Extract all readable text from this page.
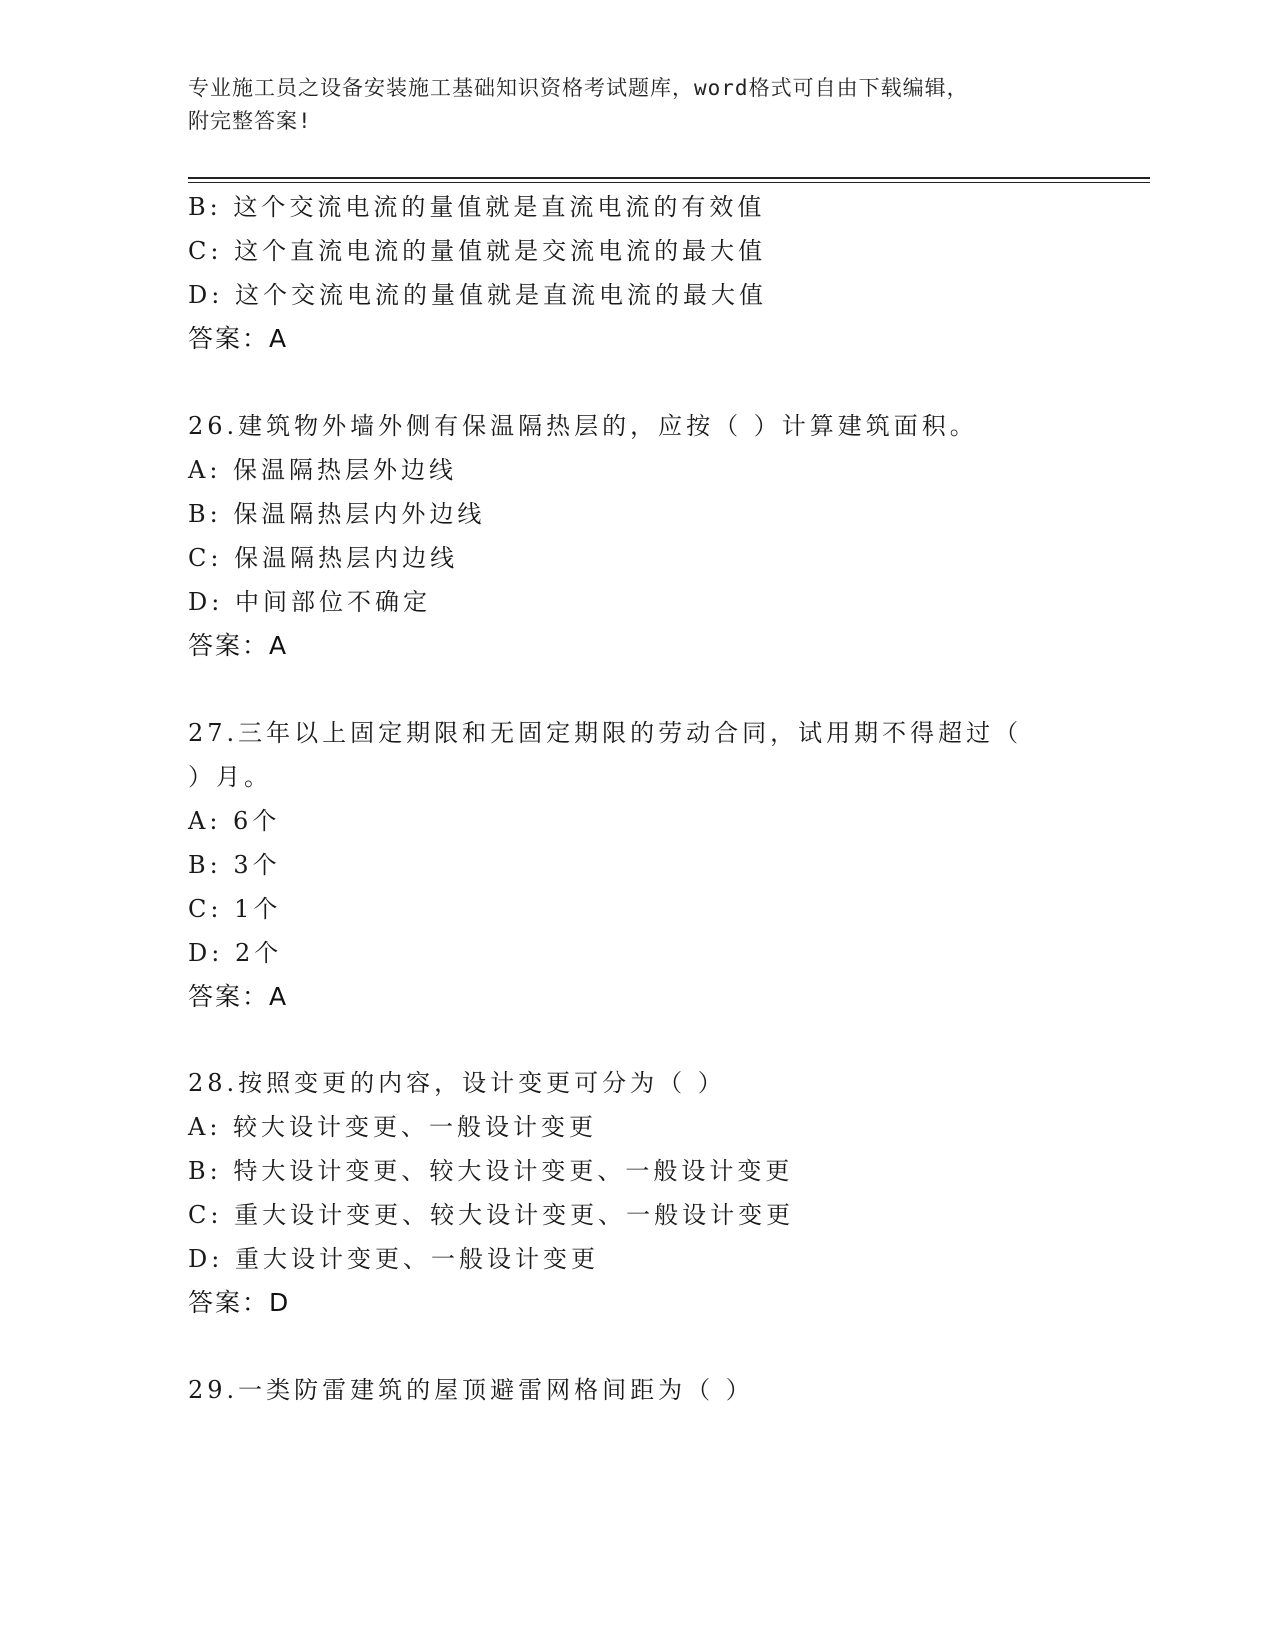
专业施工员之设备安装施工基础知识资格考试题库，word格式可自由下载编辑，
附完整答案!
B: 这个交流电流的量值就是直流电流的有效值
C: 这个直流电流的量值就是交流电流的最大值
D: 这个交流电流的量值就是直流电流的最大值
答案：A
26.建筑物外墙外侧有保温隔热层的，应按（ ）计算建筑面积。
A: 保温隔热层外边线
B: 保温隔热层内外边线
C: 保温隔热层内边线
D: 中间部位不确定
答案：A
27.三年以上固定期限和无固定期限的劳动合同，试用期不得超过（
）月。
A: 6个
B: 3个
C: 1个
D: 2个
答案：A
28.按照变更的内容，设计变更可分为（ ）
A: 较大设计变更、一般设计变更
B: 特大设计变更、较大设计变更、一般设计变更
C: 重大设计变更、较大设计变更、一般设计变更
D: 重大设计变更、一般设计变更
答案：D
29.一类防雷建筑的屋顶避雷网格间距为（ ）
